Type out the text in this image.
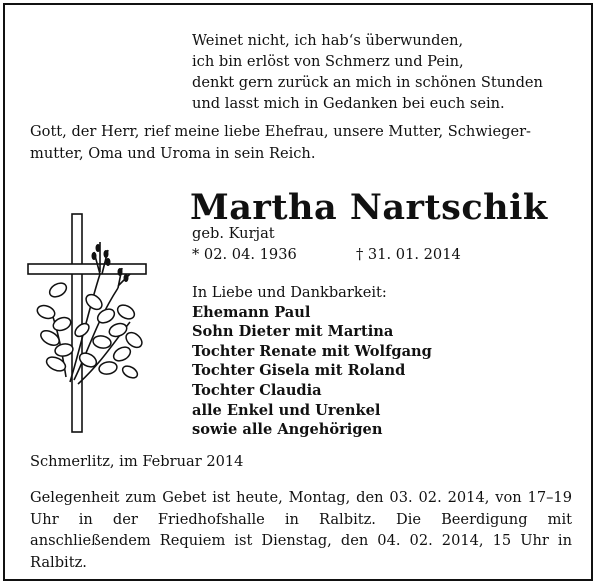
Weinet nicht, ich hab‘s überwunden,
ich bin erlöst von Schmerz und Pein,
denkt gern zurück an mich in schönen Stunden
und lasst mich in Gedanken bei euch sein.
Gott, der Herr, rief meine liebe Ehefrau, unsere Mutter, Schwieger-mutter, Oma und Uroma in sein Reich.
Martha Nartschik
geb. Kurjat
* 02. 04. 1936	† 31. 01. 2014
In Liebe und Dankbarkeit:
Ehemann Paul
Sohn Dieter mit Martina
Tochter Renate mit Wolfgang
Tochter Gisela mit Roland
Tochter Claudia
alle Enkel und Urenkel
sowie alle Angehörigen
Schmerlitz, im Februar 2014
Gelegenheit zum Gebet ist heute, Montag, den 03. 02. 2014, von 17–19 Uhr in der Friedhofshalle in Ralbitz. Die Beerdigung mit anschließendem Requiem ist Dienstag, den 04. 02. 2014, 15 Uhr in Ralbitz.
